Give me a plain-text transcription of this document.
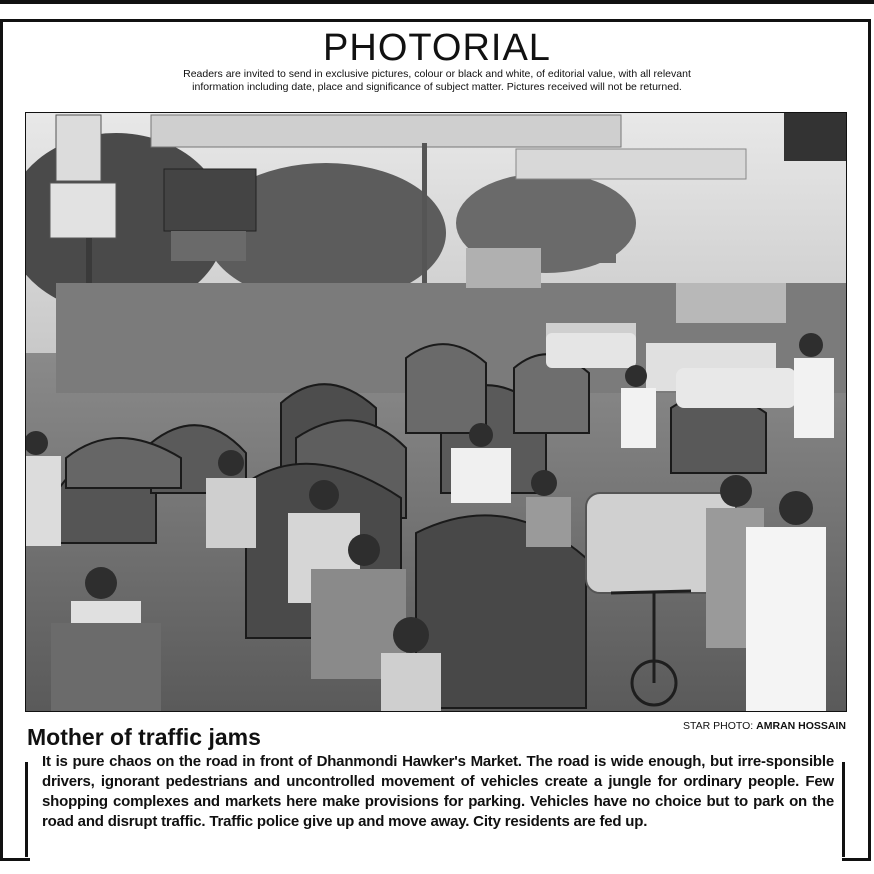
PHOTORIAL

Readers are invited to send in exclusive pictures, colour or black and white, of editorial value, with all relevant information including date, place and significance of subject matter. Pictures received will not be returned.

STAR PHOTO: AMRAN HOSSAIN
Mother of traffic jams

It is pure chaos on the road in front of Dhanmondi Hawker's Market. The road is wide enough, but irre-sponsible drivers, ignorant pedestrians and uncontrolled movement of vehicles create a jungle for ordinary people. Few shopping complexes and markets here make provisions for parking. Vehicles have no choice but to park on the road and disrupt traffic. Traffic police give up and move away. City residents are fed up.
